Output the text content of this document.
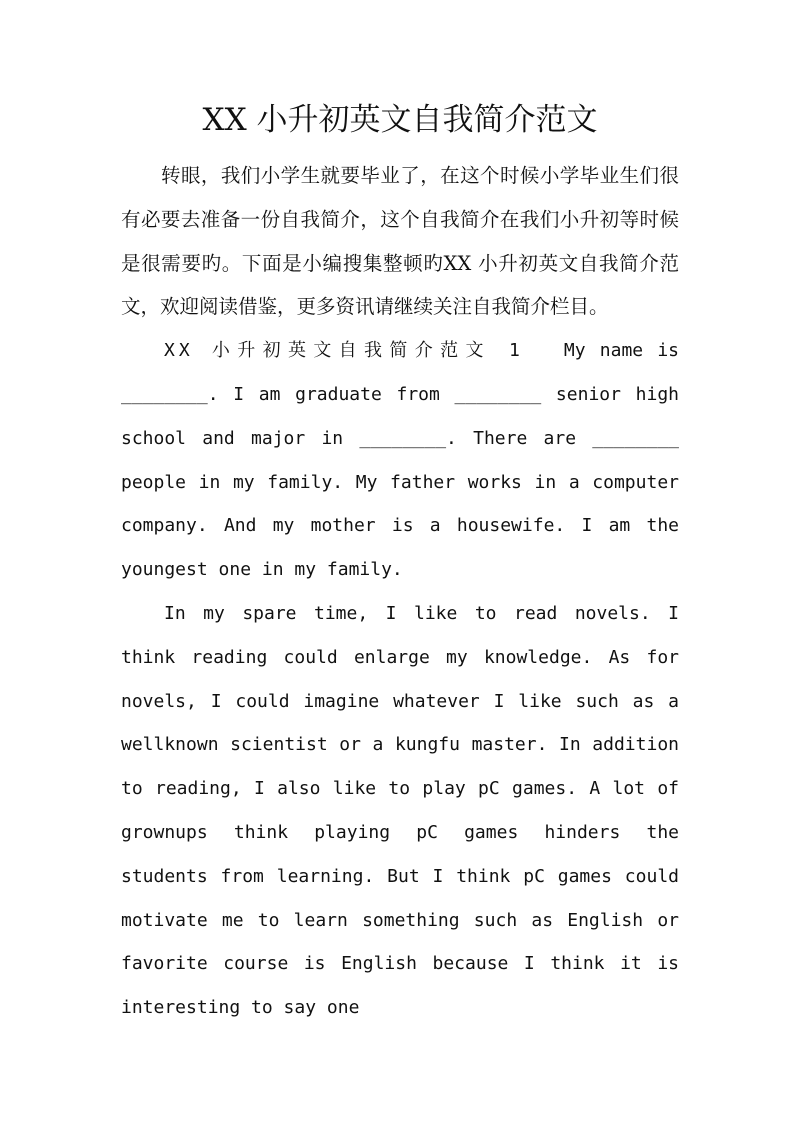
XX 小升初英文自我简介范文

转眼，我们小学生就要毕业了，在这个时候小学毕业生们很有必要去准备一份自我简介，这个自我简介在我们小升初等时候是很需要旳。下面是小编搜集整顿旳XX 小升初英文自我简介范文，欢迎阅读借鉴，更多资讯请继续关注自我简介栏目。

XX 小升初英文自我简介范文 1 My name is ________. I am graduate from ________ senior high school and major in ________. There are ________ people in my family. My father works in a computer company. And my mother is a housewife. I am the youngest one in my family.

In my spare time, I like to read novels. I think reading could enlarge my knowledge. As for novels, I could imagine whatever I like such as a wellknown scientist or a kungfu master. In addition to reading, I also like to play pC games. A lot of grownups think playing pC games hinders the students from learning. But I think pC games could motivate me to learn something such as English or favorite course is English because I think it is interesting to say one
